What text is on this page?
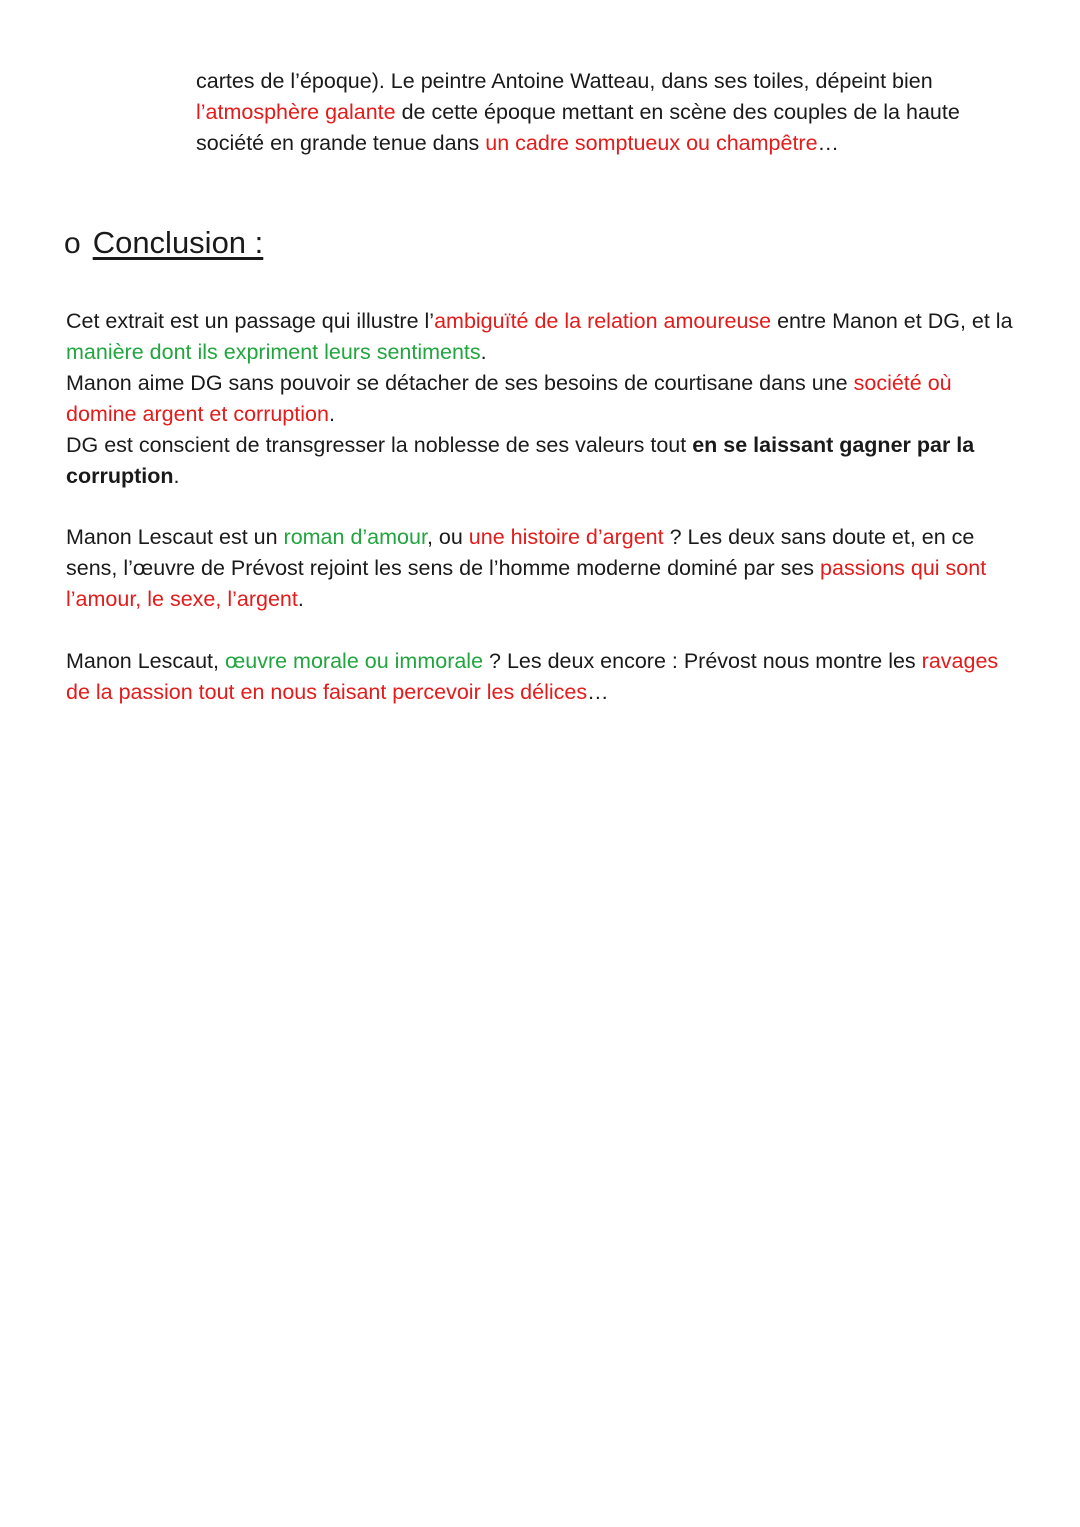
cartes de l’époque). Le peintre Antoine Watteau, dans ses toiles, dépeint bien
l’atmosphère galante de cette époque mettant en scène des couples de la haute société en grande tenue dans un cadre somptueux ou champêtre…

o Conclusion :

Cet extrait est un passage qui illustre l’ambiguïté de la relation amoureuse entre Manon et DG, et la manière dont ils expriment leurs sentiments.
Manon aime DG sans pouvoir se détacher de ses besoins de courtisane dans une société où domine argent et corruption.
DG est conscient de transgresser la noblesse de ses valeurs tout en se laissant gagner par la corruption.

Manon Lescaut est un roman d’amour, ou une histoire d’argent ? Les deux sans doute et, en ce sens, l’œuvre de Prévost rejoint les sens de l’homme moderne dominé par ses passions qui sont l’amour, le sexe, l’argent.

Manon Lescaut, œuvre morale ou immorale ? Les deux encore : Prévost nous montre les ravages de la passion tout en nous faisant percevoir les délices…
